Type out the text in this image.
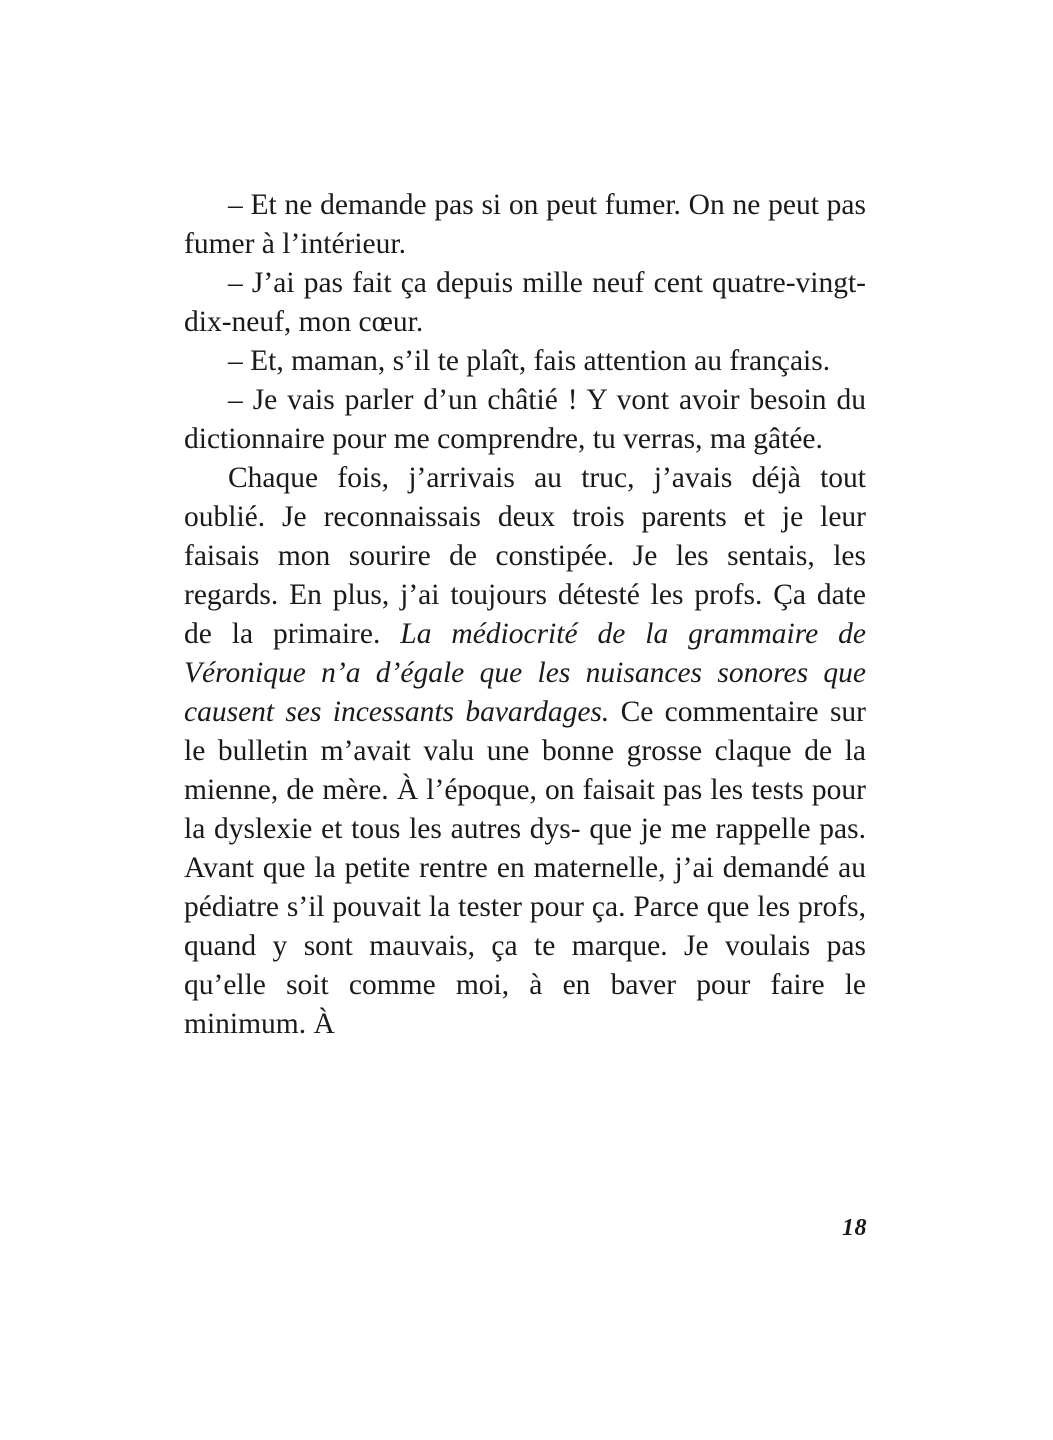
– Et ne demande pas si on peut fumer. On ne peut pas fumer à l’intérieur.

– J’ai pas fait ça depuis mille neuf cent quatre-vingt-dix-neuf, mon cœur.

– Et, maman, s’il te plaît, fais attention au français.

– Je vais parler d’un châtié ! Y vont avoir besoin du dictionnaire pour me comprendre, tu verras, ma gâtée.

Chaque fois, j’arrivais au truc, j’avais déjà tout oublié. Je reconnaissais deux trois parents et je leur faisais mon sourire de constipée. Je les sentais, les regards. En plus, j’ai toujours détesté les profs. Ça date de la primaire. La médiocrité de la grammaire de Véronique n’a d’égale que les nuisances sonores que causent ses incessants bavardages. Ce commentaire sur le bulletin m’avait valu une bonne grosse claque de la mienne, de mère. À l’époque, on faisait pas les tests pour la dyslexie et tous les autres dys- que je me rappelle pas. Avant que la petite rentre en maternelle, j’ai demandé au pédiatre s’il pouvait la tester pour ça. Parce que les profs, quand y sont mauvais, ça te marque. Je voulais pas qu’elle soit comme moi, à en baver pour faire le minimum. À

18
